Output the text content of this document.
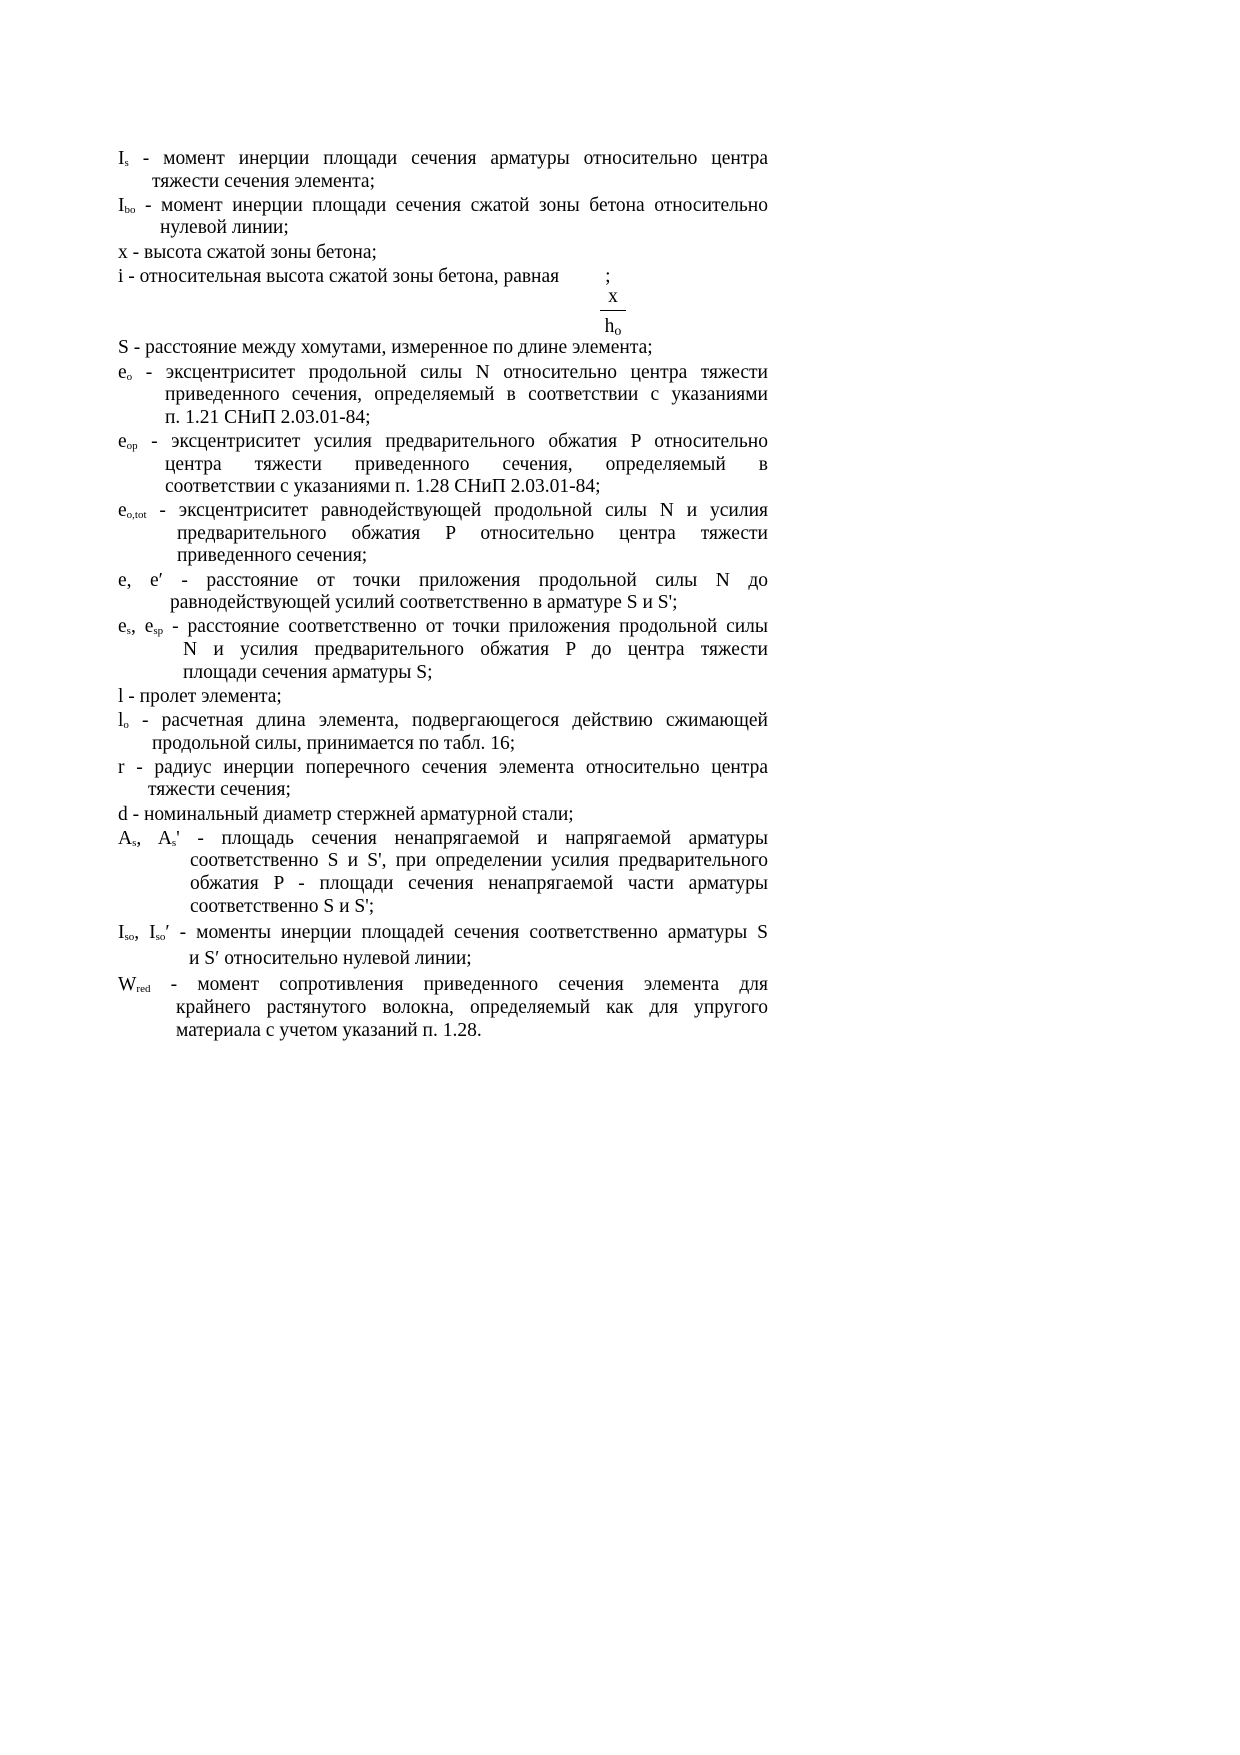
Is - момент инерции площади сечения арматуры относительно центра
тяжести сечения элемента;
Ibo - момент инерции площади сечения сжатой зоны бетона относительно
нулевой линии;
x - высота сжатой зоны бетона;
i - относительная высота сжатой зоны бетона, равная ;
S - расстояние между хомутами, измеренное по длине элемента;
eo - эксцентриситет продольной силы N относительно центра тяжести
приведенного сечения, определяемый в соответствии с указаниями
п. 1.21 СНиП 2.03.01-84;
eop - эксцентриситет усилия предварительного обжатия P относительно
центра тяжести приведенного сечения, определяемый в
соответствии с указаниями п. 1.28 СНиП 2.03.01-84;
eo,tot - эксцентриситет равнодействующей продольной силы N и усилия
предварительного обжатия P относительно центра тяжести
приведенного сечения;
e, e′ - расстояние от точки приложения продольной силы N до
равнодействующей усилий соответственно в арматуре S и S';
es, esp - расстояние соответственно от точки приложения продольной силы
N и усилия предварительного обжатия P до центра тяжести
площади сечения арматуры S;
l - пролет элемента;
lo - расчетная длина элемента, подвергающегося действию сжимающей
продольной силы, принимается по табл. 16;
r - радиус инерции поперечного сечения элемента относительно центра
тяжести сечения;
d - номинальный диаметр стержней арматурной стали;
As, As' - площадь сечения ненапрягаемой и напрягаемой арматуры
соответственно S и S', при определении усилия предварительного
обжатия P - площади сечения ненапрягаемой части арматуры
соответственно S и S';
Iso, Iso′ - моменты инерции площадей сечения соответственно арматуры S
и S′ относительно нулевой линии;
Wred - момент сопротивления приведенного сечения элемента для
крайнего растянутого волокна, определяемый как для упругого
материала с учетом указаний п. 1.28.
x
ho
